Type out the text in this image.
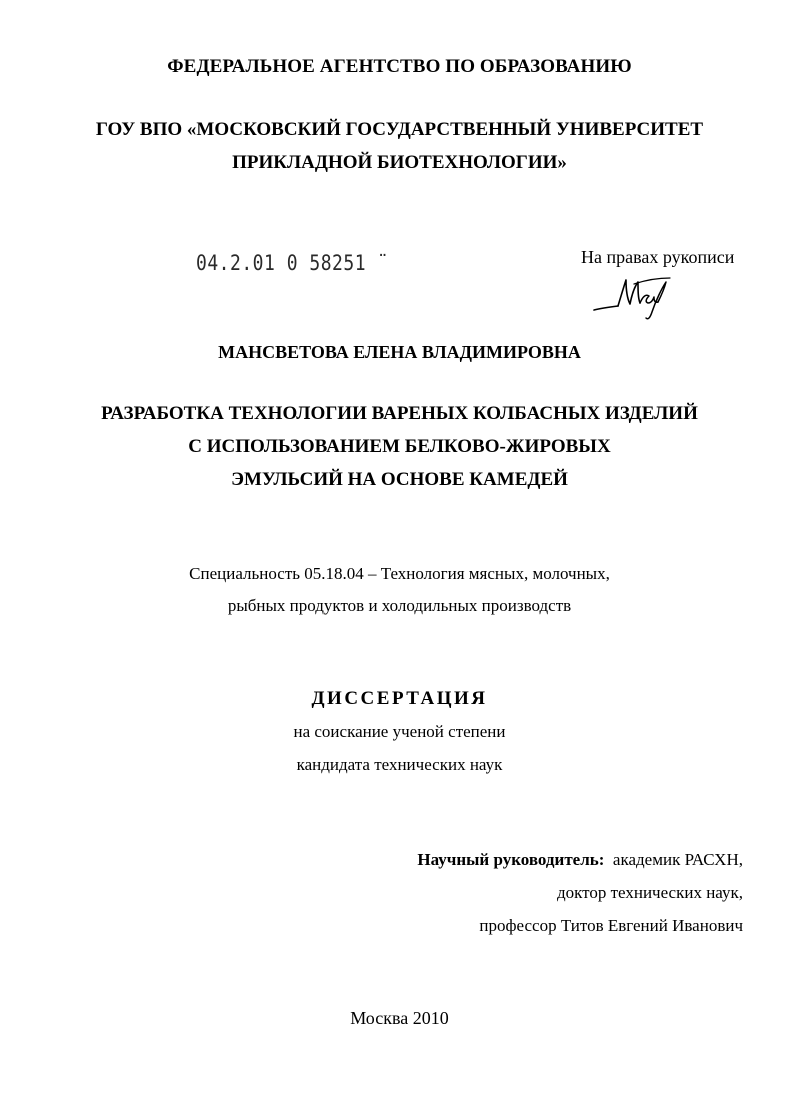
ФЕДЕРАЛЬНОЕ АГЕНТСТВО ПО ОБРАЗОВАНИЮ
ГОУ ВПО «МОСКОВСКИЙ ГОСУДАРСТВЕННЫЙ УНИВЕРСИТЕТ
ПРИКЛАДНОЙ БИОТЕХНОЛОГИИ»
04.2.01 0 58251 ¨	На правах рукописи
МАНСВЕТОВА ЕЛЕНА ВЛАДИМИРОВНА
РАЗРАБОТКА ТЕХНОЛОГИИ ВАРЕНЫХ КОЛБАСНЫХ ИЗДЕЛИЙ
С ИСПОЛЬЗОВАНИЕМ БЕЛКОВО-ЖИРОВЫХ
ЭМУЛЬСИЙ НА ОСНОВЕ КАМЕДЕЙ
Специальность 05.18.04 – Технология мясных, молочных,
рыбных продуктов и холодильных производств
ДИССЕРТАЦИЯ
на соискание ученой степени
кандидата технических наук
Научный руководитель: академик РАСХН,
доктор технических наук,
профессор Титов Евгений Иванович
Москва 2010
